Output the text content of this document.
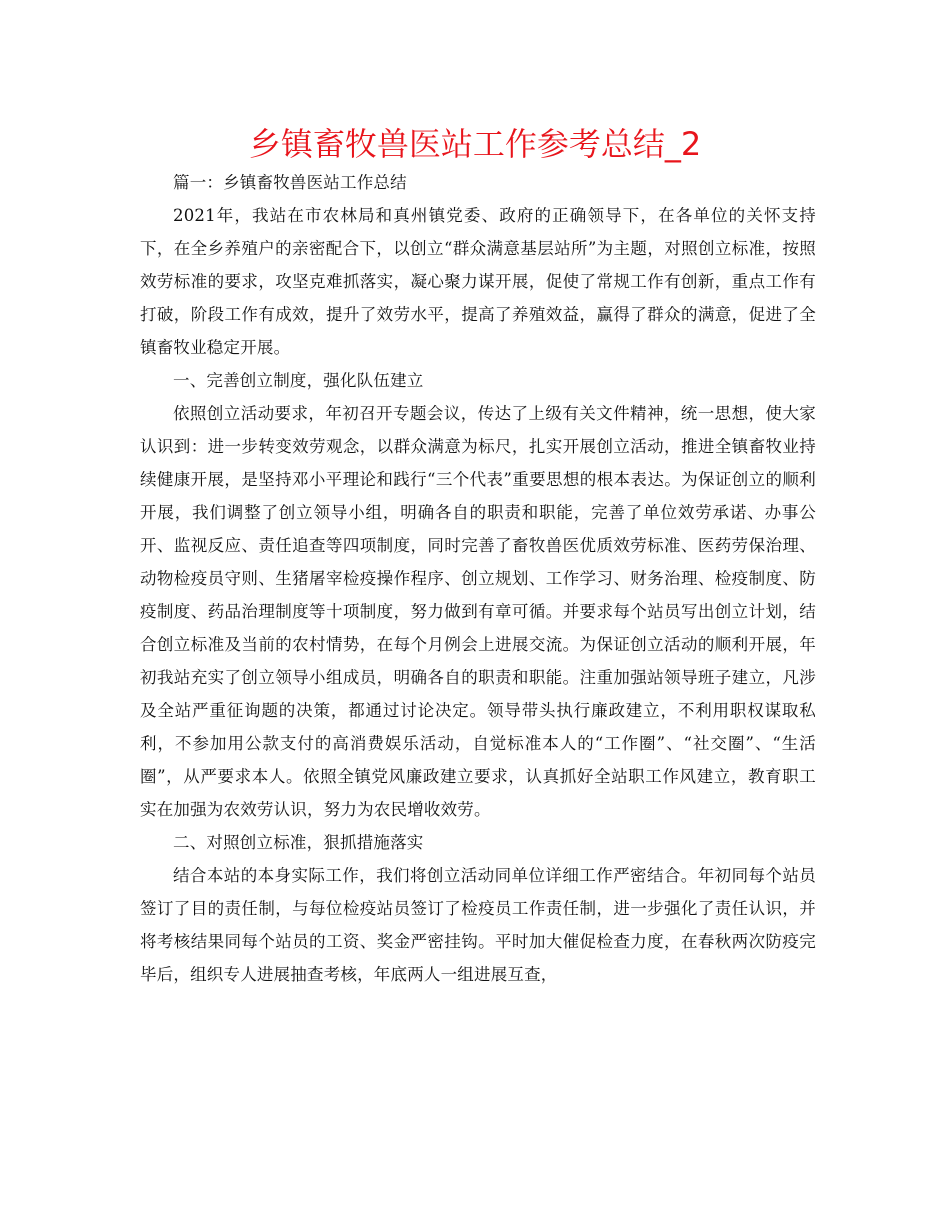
乡镇畜牧兽医站工作参考总结_2

篇一：乡镇畜牧兽医站工作总结

2021年，我站在市农林局和真州镇党委、政府的正确领导下，在各单位的关怀支持下，在全乡养殖户的亲密配合下，以创立“群众满意基层站所”为主题，对照创立标准，按照效劳标准的要求，攻坚克难抓落实，凝心聚力谋开展，促使了常规工作有创新，重点工作有打破，阶段工作有成效，提升了效劳水平，提高了养殖效益，赢得了群众的满意，促进了全镇畜牧业稳定开展。

一、完善创立制度，强化队伍建立

依照创立活动要求，年初召开专题会议，传达了上级有关文件精神，统一思想，使大家认识到：进一步转变效劳观念，以群众满意为标尺，扎实开展创立活动，推进全镇畜牧业持续健康开展，是坚持邓小平理论和践行“三个代表”重要思想的根本表达。为保证创立的顺利开展，我们调整了创立领导小组，明确各自的职责和职能，完善了单位效劳承诺、办事公开、监视反应、责任追查等四项制度，同时完善了畜牧兽医优质效劳标准、医药劳保治理、动物检疫员守则、生猪屠宰检疫操作程序、创立规划、工作学习、财务治理、检疫制度、防疫制度、药品治理制度等十项制度，努力做到有章可循。并要求每个站员写出创立计划，结合创立标准及当前的农村情势，在每个月例会上进展交流。为保证创立活动的顺利开展，年初我站充实了创立领导小组成员，明确各自的职责和职能。注重加强站领导班子建立，凡涉及全站严重征询题的决策，都通过讨论决定。领导带头执行廉政建立，不利用职权谋取私利，不参加用公款支付的高消费娱乐活动，自觉标准本人的“工作圈”、“社交圈”、“生活圈”，从严要求本人。依照全镇党风廉政建立要求，认真抓好全站职工作风建立，教育职工实在加强为农效劳认识，努力为农民增收效劳。

二、对照创立标准，狠抓措施落实

结合本站的本身实际工作，我们将创立活动同单位详细工作严密结合。年初同每个站员签订了目的责任制，与每位检疫站员签订了检疫员工作责任制，进一步强化了责任认识，并将考核结果同每个站员的工资、奖金严密挂钩。平时加大催促检查力度，在春秋两次防疫完毕后，组织专人进展抽查考核，年底两人一组进展互查，
